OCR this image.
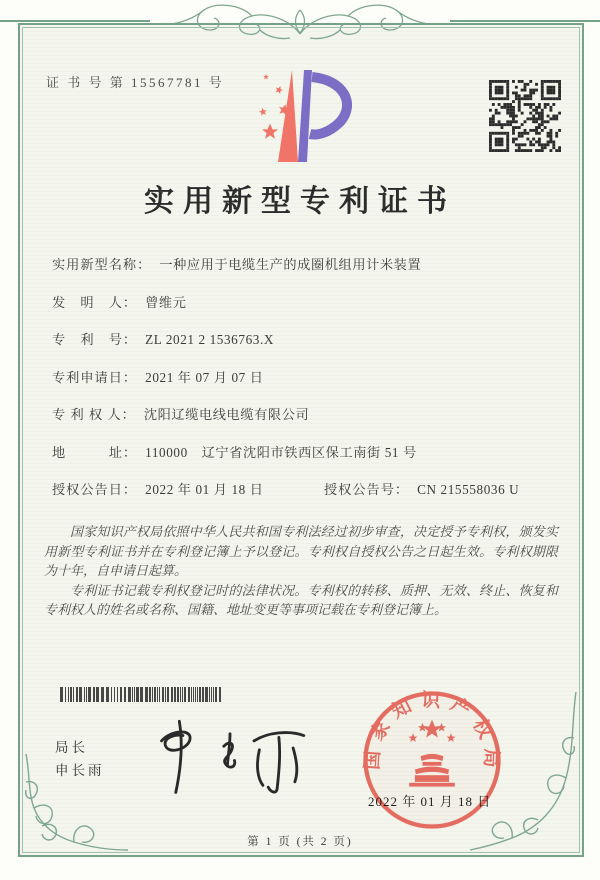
证 书 号 第 15567781 号
实用新型专利证书
实用新型名称： 一种应用于电缆生产的成圈机组用计米装置
发　明　人： 曾维元
专　利　号： ZL 2021 2 1536763.X
专利申请日： 2021 年 07 月 07 日
专 利 权 人： 沈阳辽缆电线电缆有限公司
地　　　址： 110000　辽宁省沈阳市铁西区保工南街 51 号
授权公告日： 2022 年 01 月 18 日	授权公告号： CN 215558036 U

国家知识产权局依照中华人民共和国专利法经过初步审查，决定授予专利权，颁发实用新型专利证书并在专利登记簿上予以登记。专利权自授权公告之日起生效。专利权期限为十年，自申请日起算。

专利证书记载专利权登记时的法律状况。专利权的转移、质押、无效、终止、恢复和专利权人的姓名或名称、国籍、地址变更等事项记载在专利登记簿上。

局长
申长雨
国家知识产权局
2022 年 01 月 18 日
第 1 页 (共 2 页)
